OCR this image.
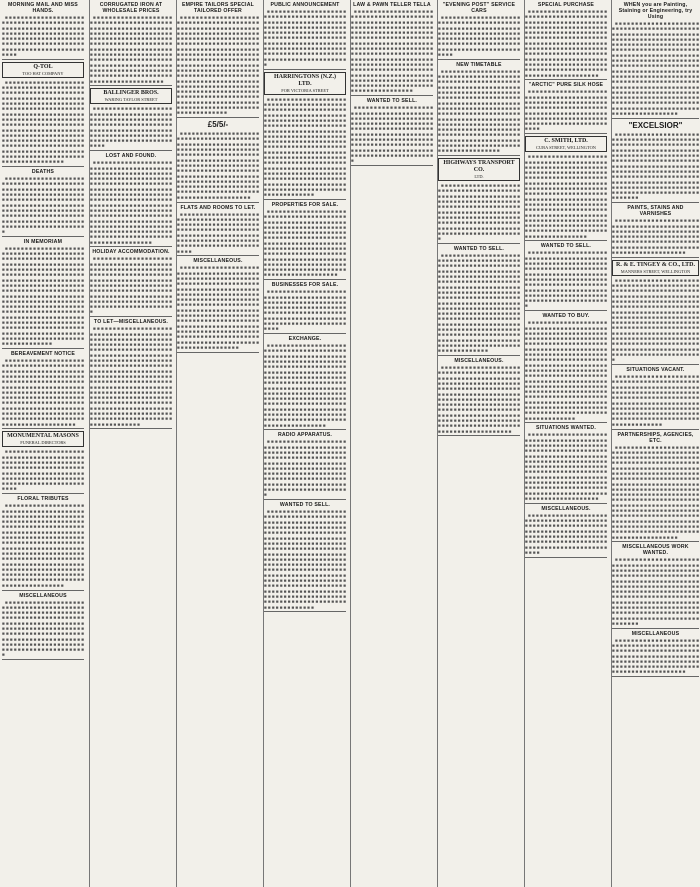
MORNING MAIL AND MISS HANDS.
■ ■ ■ ■ ■ ■ ■ ■ ■ ■ ■ ■ ■ ■ ■ ■ ■ ■ ■ ■ ■ ■ ■ ■ ■ ■ ■ ■ ■ ■ ■ ■ ■ ■ ■ ■ ■ ■ ■ ■ ■ ■ ■ ■ ■ ■ ■ ■ ■ ■ ■ ■ ■ ■ ■ ■ ■ ■ ■ ■ ■ ■ ■ ■ ■ ■ ■ ■ ■ ■ ■ ■ ■ ■ ■ ■ ■ ■ ■ ■ ■ ■ ■ ■ ■ ■ ■ ■ ■ ■ ■ ■ ■ ■ ■ ■ ■ ■ ■ ■ ■ ■ ■ ■ ■ ■ ■ ■ ■ ■ ■ ■ ■ ■ ■ ■ ■ ■ ■ ■ ■ ■ ■ ■ ■ ■ ■ ■ ■ ■ ■ ■ ■ ■ ■ ■ ■ ■ ■ ■ ■ ■ ■ ■ ■ ■ ■ ■ ■ ■
Q-TOL
TOO HAT COMPANY
■ ■ ■ ■ ■ ■ ■ ■ ■ ■ ■ ■ ■ ■ ■ ■ ■ ■ ■ ■ ■ ■ ■ ■ ■ ■ ■ ■ ■ ■ ■ ■ ■ ■ ■ ■ ■ ■ ■ ■ ■ ■ ■ ■ ■ ■ ■ ■ ■ ■ ■ ■ ■ ■ ■ ■ ■ ■ ■ ■ ■ ■ ■ ■ ■ ■ ■ ■ ■ ■ ■ ■ ■ ■ ■ ■ ■ ■ ■ ■ ■ ■ ■ ■ ■ ■ ■ ■ ■ ■ ■ ■ ■ ■ ■ ■ ■ ■ ■ ■ ■ ■ ■ ■ ■ ■ ■ ■ ■ ■ ■ ■ ■ ■ ■ ■ ■ ■ ■ ■ ■ ■ ■ ■ ■ ■ ■ ■ ■ ■ ■ ■ ■ ■ ■ ■ ■ ■ ■ ■ ■ ■ ■ ■ ■ ■ ■ ■ ■ ■ ■ ■ ■ ■ ■ ■ ■ ■ ■ ■ ■ ■ ■ ■ ■ ■ ■ ■ ■ ■ ■ ■ ■ ■ ■ ■ ■ ■ ■ ■ ■ ■ ■ ■ ■ ■ ■ ■ ■ ■ ■ ■ ■ ■ ■ ■ ■ ■ ■ ■ ■ ■ ■ ■ ■ ■ ■ ■ ■ ■ ■ ■ ■ ■ ■ ■ ■ ■ ■ ■ ■ ■ ■ ■ ■ ■ ■ ■ ■ ■ ■ ■ ■ ■ ■ ■ ■ ■ ■ ■ ■ ■ ■ ■ ■ ■ ■ ■ ■ ■ ■ ■ ■ ■ ■ ■ ■ ■ ■ ■ ■ ■ ■ ■ ■ ■ ■ ■ ■ ■ ■ ■ ■ ■ ■ ■ ■ ■ ■ ■ ■ ■ ■ ■ ■ ■ ■ ■ ■ ■ ■ ■ ■ ■ ■ ■ ■ ■ ■ ■ ■ ■ ■ ■ ■ ■ ■ ■ ■ ■ ■ ■ ■ ■ ■ ■ ■ ■ ■ ■ ■ ■ ■ ■ ■ ■ ■ ■ ■ ■
DEATHS
■ ■ ■ ■ ■ ■ ■ ■ ■ ■ ■ ■ ■ ■ ■ ■ ■ ■ ■ ■ ■ ■ ■ ■ ■ ■ ■ ■ ■ ■ ■ ■ ■ ■ ■ ■ ■ ■ ■ ■ ■ ■ ■ ■ ■ ■ ■ ■ ■ ■ ■ ■ ■ ■ ■ ■ ■ ■ ■ ■ ■ ■ ■ ■ ■ ■ ■ ■ ■ ■ ■ ■ ■ ■ ■ ■ ■ ■ ■ ■ ■ ■ ■ ■ ■ ■ ■ ■ ■ ■ ■ ■ ■ ■ ■ ■ ■ ■ ■ ■ ■ ■ ■ ■ ■ ■ ■ ■ ■ ■ ■ ■ ■ ■ ■ ■ ■ ■ ■ ■ ■ ■ ■ ■ ■ ■ ■ ■ ■ ■ ■ ■ ■ ■ ■ ■ ■ ■ ■ ■ ■ ■ ■ ■ ■ ■ ■ ■ ■ ■ ■ ■ ■ ■ ■ ■ ■ ■ ■ ■ ■ ■ ■ ■ ■ ■ ■ ■ ■ ■ ■ ■ ■ ■ ■ ■ ■ ■ ■ ■ ■ ■ ■ ■ ■ ■ ■ ■ ■ ■ ■ ■ ■ ■ ■ ■ ■ ■ ■ ■ ■ ■ ■ ■ ■ ■ ■ ■ ■ ■
IN MEMORIAM
■ ■ ■ ■ ■ ■ ■ ■ ■ ■ ■ ■ ■ ■ ■ ■ ■ ■ ■ ■ ■ ■ ■ ■ ■ ■ ■ ■ ■ ■ ■ ■ ■ ■ ■ ■ ■ ■ ■ ■ ■ ■ ■ ■ ■ ■ ■ ■ ■ ■ ■ ■ ■ ■ ■ ■ ■ ■ ■ ■ ■ ■ ■ ■ ■ ■ ■ ■ ■ ■ ■ ■ ■ ■ ■ ■ ■ ■ ■ ■ ■ ■ ■ ■ ■ ■ ■ ■ ■ ■ ■ ■ ■ ■ ■ ■ ■ ■ ■ ■ ■ ■ ■ ■ ■ ■ ■ ■ ■ ■ ■ ■ ■ ■ ■ ■ ■ ■ ■ ■ ■ ■ ■ ■ ■ ■ ■ ■ ■ ■ ■ ■ ■ ■ ■ ■ ■ ■ ■ ■ ■ ■ ■ ■ ■ ■ ■ ■ ■ ■ ■ ■ ■ ■ ■ ■ ■ ■ ■ ■ ■ ■ ■ ■ ■ ■ ■ ■ ■ ■ ■ ■ ■ ■ ■ ■ ■ ■ ■ ■ ■ ■ ■ ■ ■ ■ ■ ■ ■ ■ ■ ■ ■ ■ ■ ■ ■ ■ ■ ■ ■ ■ ■ ■ ■ ■ ■ ■ ■ ■ ■ ■ ■ ■ ■ ■ ■ ■ ■ ■ ■ ■ ■ ■ ■ ■ ■ ■ ■ ■ ■ ■ ■ ■ ■ ■ ■ ■ ■ ■ ■ ■ ■ ■ ■ ■ ■ ■ ■ ■ ■ ■ ■ ■ ■ ■ ■ ■ ■ ■ ■ ■ ■ ■ ■ ■ ■ ■ ■ ■ ■ ■ ■ ■ ■ ■ ■ ■ ■ ■ ■ ■ ■ ■ ■ ■ ■ ■ ■ ■ ■ ■ ■ ■ ■ ■ ■ ■ ■ ■ ■ ■ ■ ■ ■ ■ ■ ■ ■ ■ ■ ■ ■ ■ ■ ■ ■ ■ ■ ■ ■ ■ ■ ■ ■ ■ ■ ■ ■ ■ ■ ■ ■ ■ ■ ■ ■ ■ ■ ■ ■ ■ ■ ■ ■ ■ ■ ■ ■ ■ ■ ■ ■ ■ ■ ■ ■ ■ ■ ■ ■ ■ ■ ■ ■ ■ ■ ■ ■ ■ ■ ■ ■ ■ ■ ■ ■ ■ ■ ■ ■ ■ ■ ■ ■ ■ ■ ■ ■ ■
BEREAVEMENT NOTICE
■ ■ ■ ■ ■ ■ ■ ■ ■ ■ ■ ■ ■ ■ ■ ■ ■ ■ ■ ■ ■ ■ ■ ■ ■ ■ ■ ■ ■ ■ ■ ■ ■ ■ ■ ■ ■ ■ ■ ■ ■ ■ ■ ■ ■ ■ ■ ■ ■ ■ ■ ■ ■ ■ ■ ■ ■ ■ ■ ■ ■ ■ ■ ■ ■ ■ ■ ■ ■ ■ ■ ■ ■ ■ ■ ■ ■ ■ ■ ■ ■ ■ ■ ■ ■ ■ ■ ■ ■ ■ ■ ■ ■ ■ ■ ■ ■ ■ ■ ■ ■ ■ ■ ■ ■ ■ ■ ■ ■ ■ ■ ■ ■ ■ ■ ■ ■ ■ ■ ■ ■ ■ ■ ■ ■ ■ ■ ■ ■ ■ ■ ■ ■ ■ ■ ■ ■ ■ ■ ■ ■ ■ ■ ■ ■ ■ ■ ■ ■ ■ ■ ■ ■ ■ ■ ■ ■ ■ ■ ■ ■ ■ ■ ■ ■ ■ ■ ■ ■ ■ ■ ■ ■ ■ ■ ■ ■ ■ ■ ■ ■ ■ ■ ■ ■ ■ ■ ■ ■ ■ ■ ■ ■ ■ ■ ■ ■ ■ ■ ■ ■ ■ ■ ■ ■ ■ ■ ■ ■ ■ ■ ■ ■ ■ ■ ■ ■ ■ ■ ■ ■ ■ ■ ■ ■ ■ ■ ■ ■ ■ ■ ■ ■ ■ ■ ■ ■ ■ ■ ■ ■ ■ ■ ■ ■ ■ ■ ■ ■ ■ ■ ■ ■ ■ ■ ■ ■ ■ ■ ■ ■ ■ ■ ■ ■ ■ ■ ■ ■ ■
MONUMENTAL MASONS
FUNERAL DIRECTORS
■ ■ ■ ■ ■ ■ ■ ■ ■ ■ ■ ■ ■ ■ ■ ■ ■ ■ ■ ■ ■ ■ ■ ■ ■ ■ ■ ■ ■ ■ ■ ■ ■ ■ ■ ■ ■ ■ ■ ■ ■ ■ ■ ■ ■ ■ ■ ■ ■ ■ ■ ■ ■ ■ ■ ■ ■ ■ ■ ■ ■ ■ ■ ■ ■ ■ ■ ■ ■ ■ ■ ■ ■ ■ ■ ■ ■ ■ ■ ■ ■ ■ ■ ■ ■ ■ ■ ■ ■ ■ ■ ■ ■ ■ ■ ■ ■ ■ ■ ■ ■ ■ ■ ■ ■ ■ ■ ■ ■ ■ ■ ■ ■ ■ ■ ■ ■ ■ ■ ■ ■ ■ ■ ■ ■ ■ ■ ■ ■ ■ ■ ■ ■ ■ ■ ■ ■ ■ ■ ■ ■ ■ ■ ■ ■ ■ ■ ■ ■ ■
FLORAL TRIBUTES
■ ■ ■ ■ ■ ■ ■ ■ ■ ■ ■ ■ ■ ■ ■ ■ ■ ■ ■ ■ ■ ■ ■ ■ ■ ■ ■ ■ ■ ■ ■ ■ ■ ■ ■ ■ ■ ■ ■ ■ ■ ■ ■ ■ ■ ■ ■ ■ ■ ■ ■ ■ ■ ■ ■ ■ ■ ■ ■ ■ ■ ■ ■ ■ ■ ■ ■ ■ ■ ■ ■ ■ ■ ■ ■ ■ ■ ■ ■ ■ ■ ■ ■ ■ ■ ■ ■ ■ ■ ■ ■ ■ ■ ■ ■ ■ ■ ■ ■ ■ ■ ■ ■ ■ ■ ■ ■ ■ ■ ■ ■ ■ ■ ■ ■ ■ ■ ■ ■ ■ ■ ■ ■ ■ ■ ■ ■ ■ ■ ■ ■ ■ ■ ■ ■ ■ ■ ■ ■ ■ ■ ■ ■ ■ ■ ■ ■ ■ ■ ■ ■ ■ ■ ■ ■ ■ ■ ■ ■ ■ ■ ■ ■ ■ ■ ■ ■ ■ ■ ■ ■ ■ ■ ■ ■ ■ ■ ■ ■ ■ ■ ■ ■ ■ ■ ■ ■ ■ ■ ■ ■ ■ ■ ■ ■ ■ ■ ■ ■ ■ ■ ■ ■ ■ ■ ■ ■ ■ ■ ■ ■ ■ ■ ■ ■ ■ ■ ■ ■ ■ ■ ■ ■ ■ ■ ■ ■ ■ ■ ■ ■ ■ ■ ■ ■ ■ ■ ■ ■ ■ ■ ■ ■ ■ ■ ■ ■ ■ ■ ■ ■ ■ ■ ■ ■ ■ ■ ■ ■ ■ ■ ■ ■ ■ ■ ■ ■ ■ ■ ■ ■ ■ ■ ■ ■ ■ ■ ■ ■ ■ ■ ■ ■ ■ ■ ■ ■ ■ ■ ■ ■ ■ ■ ■ ■ ■ ■ ■ ■ ■ ■ ■ ■ ■ ■ ■ ■ ■ ■ ■ ■ ■ ■ ■ ■ ■ ■ ■ ■ ■ ■ ■ ■ ■ ■ ■ ■ ■ ■ ■
MISCELLANEOUS
■ ■ ■ ■ ■ ■ ■ ■ ■ ■ ■ ■ ■ ■ ■ ■ ■ ■ ■ ■ ■ ■ ■ ■ ■ ■ ■ ■ ■ ■ ■ ■ ■ ■ ■ ■ ■ ■ ■ ■ ■ ■ ■ ■ ■ ■ ■ ■ ■ ■ ■ ■ ■ ■ ■ ■ ■ ■ ■ ■ ■ ■ ■ ■ ■ ■ ■ ■ ■ ■ ■ ■ ■ ■ ■ ■ ■ ■ ■ ■ ■ ■ ■ ■ ■ ■ ■ ■ ■ ■ ■ ■ ■ ■ ■ ■ ■ ■ ■ ■ ■ ■ ■ ■ ■ ■ ■ ■ ■ ■ ■ ■ ■ ■ ■ ■ ■ ■ ■ ■ ■ ■ ■ ■ ■ ■ ■ ■ ■ ■ ■ ■ ■ ■ ■ ■ ■ ■ ■ ■ ■ ■ ■ ■ ■ ■ ■ ■ ■ ■ ■ ■ ■ ■ ■ ■ ■ ■ ■ ■ ■ ■ ■ ■ ■ ■ ■ ■ ■ ■ ■ ■ ■ ■ ■ ■ ■ ■ ■ ■ ■ ■ ■ ■ ■ ■ ■ ■ ■ ■ ■ ■ ■ ■ ■ ■ ■ ■ ■ ■ ■ ■ ■ ■ ■ ■ ■ ■ ■ ■
CORRUGATED IRON AT WHOLESALE PRICES
■ ■ ■ ■ ■ ■ ■ ■ ■ ■ ■ ■ ■ ■ ■ ■ ■ ■ ■ ■ ■ ■ ■ ■ ■ ■ ■ ■ ■ ■ ■ ■ ■ ■ ■ ■ ■ ■ ■ ■ ■ ■ ■ ■ ■ ■ ■ ■ ■ ■ ■ ■ ■ ■ ■ ■ ■ ■ ■ ■ ■ ■ ■ ■ ■ ■ ■ ■ ■ ■ ■ ■ ■ ■ ■ ■ ■ ■ ■ ■ ■ ■ ■ ■ ■ ■ ■ ■ ■ ■ ■ ■ ■ ■ ■ ■ ■ ■ ■ ■ ■ ■ ■ ■ ■ ■ ■ ■ ■ ■ ■ ■ ■ ■ ■ ■ ■ ■ ■ ■ ■ ■ ■ ■ ■ ■ ■ ■ ■ ■ ■ ■ ■ ■ ■ ■ ■ ■ ■ ■ ■ ■ ■ ■ ■ ■ ■ ■ ■ ■ ■ ■ ■ ■ ■ ■ ■ ■ ■ ■ ■ ■ ■ ■ ■ ■ ■ ■ ■ ■ ■ ■ ■ ■ ■ ■ ■ ■ ■ ■ ■ ■ ■ ■ ■ ■ ■ ■ ■ ■ ■ ■ ■ ■ ■ ■ ■ ■ ■ ■ ■ ■ ■ ■ ■ ■ ■ ■ ■ ■ ■ ■ ■ ■ ■ ■ ■ ■ ■ ■ ■ ■ ■ ■ ■ ■ ■ ■ ■ ■ ■ ■ ■ ■ ■ ■ ■ ■ ■ ■ ■ ■ ■ ■ ■ ■ ■ ■ ■ ■ ■ ■ ■ ■ ■ ■ ■ ■ ■ ■ ■ ■ ■ ■ ■ ■ ■ ■ ■ ■
BALLINGER BROS.
WARING TAYLOR STREET
■ ■ ■ ■ ■ ■ ■ ■ ■ ■ ■ ■ ■ ■ ■ ■ ■ ■ ■ ■ ■ ■ ■ ■ ■ ■ ■ ■ ■ ■ ■ ■ ■ ■ ■ ■ ■ ■ ■ ■ ■ ■ ■ ■ ■ ■ ■ ■ ■ ■ ■ ■ ■ ■ ■ ■ ■ ■ ■ ■ ■ ■ ■ ■ ■ ■ ■ ■ ■ ■ ■ ■ ■ ■ ■ ■ ■ ■ ■ ■ ■ ■ ■ ■ ■ ■ ■ ■ ■ ■ ■ ■ ■ ■ ■ ■ ■ ■ ■ ■ ■ ■ ■ ■ ■ ■ ■ ■ ■ ■ ■ ■ ■ ■ ■ ■ ■ ■ ■ ■ ■ ■ ■ ■ ■ ■ ■ ■ ■ ■ ■ ■ ■ ■ ■ ■ ■ ■ ■ ■ ■ ■ ■ ■ ■ ■ ■ ■ ■ ■
LOST AND FOUND.
■ ■ ■ ■ ■ ■ ■ ■ ■ ■ ■ ■ ■ ■ ■ ■ ■ ■ ■ ■ ■ ■ ■ ■ ■ ■ ■ ■ ■ ■ ■ ■ ■ ■ ■ ■ ■ ■ ■ ■ ■ ■ ■ ■ ■ ■ ■ ■ ■ ■ ■ ■ ■ ■ ■ ■ ■ ■ ■ ■ ■ ■ ■ ■ ■ ■ ■ ■ ■ ■ ■ ■ ■ ■ ■ ■ ■ ■ ■ ■ ■ ■ ■ ■ ■ ■ ■ ■ ■ ■ ■ ■ ■ ■ ■ ■ ■ ■ ■ ■ ■ ■ ■ ■ ■ ■ ■ ■ ■ ■ ■ ■ ■ ■ ■ ■ ■ ■ ■ ■ ■ ■ ■ ■ ■ ■ ■ ■ ■ ■ ■ ■ ■ ■ ■ ■ ■ ■ ■ ■ ■ ■ ■ ■ ■ ■ ■ ■ ■ ■ ■ ■ ■ ■ ■ ■ ■ ■ ■ ■ ■ ■ ■ ■ ■ ■ ■ ■ ■ ■ ■ ■ ■ ■ ■ ■ ■ ■ ■ ■ ■ ■ ■ ■ ■ ■ ■ ■ ■ ■ ■ ■ ■ ■ ■ ■ ■ ■ ■ ■ ■ ■ ■ ■ ■ ■ ■ ■ ■ ■ ■ ■ ■ ■ ■ ■ ■ ■ ■ ■ ■ ■ ■ ■ ■ ■ ■ ■ ■ ■ ■ ■ ■ ■ ■ ■ ■ ■ ■ ■ ■ ■ ■ ■ ■ ■ ■ ■ ■ ■ ■ ■ ■ ■ ■ ■ ■ ■ ■ ■ ■ ■ ■ ■ ■ ■ ■ ■ ■ ■ ■ ■ ■ ■ ■ ■ ■ ■ ■ ■ ■ ■ ■ ■ ■ ■ ■ ■ ■ ■ ■ ■ ■ ■ ■ ■ ■ ■ ■ ■ ■ ■ ■ ■ ■ ■ ■ ■ ■ ■ ■ ■ ■ ■ ■ ■ ■ ■ ■ ■ ■ ■ ■ ■ ■ ■ ■ ■ ■ ■
HOLIDAY ACCOMMODATION.
■ ■ ■ ■ ■ ■ ■ ■ ■ ■ ■ ■ ■ ■ ■ ■ ■ ■ ■ ■ ■ ■ ■ ■ ■ ■ ■ ■ ■ ■ ■ ■ ■ ■ ■ ■ ■ ■ ■ ■ ■ ■ ■ ■ ■ ■ ■ ■ ■ ■ ■ ■ ■ ■ ■ ■ ■ ■ ■ ■ ■ ■ ■ ■ ■ ■ ■ ■ ■ ■ ■ ■ ■ ■ ■ ■ ■ ■ ■ ■ ■ ■ ■ ■ ■ ■ ■ ■ ■ ■ ■ ■ ■ ■ ■ ■ ■ ■ ■ ■ ■ ■ ■ ■ ■ ■ ■ ■ ■ ■ ■ ■ ■ ■ ■ ■ ■ ■ ■ ■ ■ ■ ■ ■ ■ ■ ■ ■ ■ ■ ■ ■ ■ ■ ■ ■ ■ ■ ■ ■ ■ ■ ■ ■ ■ ■ ■ ■ ■ ■ ■ ■ ■ ■ ■ ■ ■ ■ ■ ■ ■ ■ ■ ■ ■ ■ ■ ■ ■ ■ ■ ■ ■ ■ ■ ■ ■ ■ ■ ■ ■ ■ ■ ■ ■ ■ ■ ■ ■ ■ ■ ■ ■ ■ ■ ■ ■ ■ ■ ■ ■ ■ ■ ■ ■ ■ ■ ■ ■ ■
TO LET—MISCELLANEOUS.
■ ■ ■ ■ ■ ■ ■ ■ ■ ■ ■ ■ ■ ■ ■ ■ ■ ■ ■ ■ ■ ■ ■ ■ ■ ■ ■ ■ ■ ■ ■ ■ ■ ■ ■ ■ ■ ■ ■ ■ ■ ■ ■ ■ ■ ■ ■ ■ ■ ■ ■ ■ ■ ■ ■ ■ ■ ■ ■ ■ ■ ■ ■ ■ ■ ■ ■ ■ ■ ■ ■ ■ ■ ■ ■ ■ ■ ■ ■ ■ ■ ■ ■ ■ ■ ■ ■ ■ ■ ■ ■ ■ ■ ■ ■ ■ ■ ■ ■ ■ ■ ■ ■ ■ ■ ■ ■ ■ ■ ■ ■ ■ ■ ■ ■ ■ ■ ■ ■ ■ ■ ■ ■ ■ ■ ■ ■ ■ ■ ■ ■ ■ ■ ■ ■ ■ ■ ■ ■ ■ ■ ■ ■ ■ ■ ■ ■ ■ ■ ■ ■ ■ ■ ■ ■ ■ ■ ■ ■ ■ ■ ■ ■ ■ ■ ■ ■ ■ ■ ■ ■ ■ ■ ■ ■ ■ ■ ■ ■ ■ ■ ■ ■ ■ ■ ■ ■ ■ ■ ■ ■ ■ ■ ■ ■ ■ ■ ■ ■ ■ ■ ■ ■ ■ ■ ■ ■ ■ ■ ■ ■ ■ ■ ■ ■ ■ ■ ■ ■ ■ ■ ■ ■ ■ ■ ■ ■ ■ ■ ■ ■ ■ ■ ■ ■ ■ ■ ■ ■ ■ ■ ■ ■ ■ ■ ■ ■ ■ ■ ■ ■ ■ ■ ■ ■ ■ ■ ■ ■ ■ ■ ■ ■ ■ ■ ■ ■ ■ ■ ■ ■ ■ ■ ■ ■ ■ ■ ■ ■ ■ ■ ■ ■ ■ ■ ■ ■ ■ ■ ■ ■ ■ ■ ■ ■ ■ ■ ■ ■ ■ ■ ■ ■ ■ ■ ■ ■ ■ ■ ■ ■ ■ ■ ■ ■ ■ ■ ■ ■ ■ ■ ■ ■ ■ ■ ■ ■ ■ ■ ■ ■ ■ ■ ■ ■ ■ ■ ■ ■ ■ ■ ■ ■ ■ ■ ■ ■ ■ ■ ■ ■ ■ ■ ■ ■ ■ ■ ■ ■ ■ ■ ■ ■ ■ ■ ■ ■ ■ ■ ■ ■ ■ ■ ■ ■ ■ ■ ■ ■ ■ ■ ■ ■ ■ ■ ■ ■ ■ ■ ■
EMPIRE TAILORS SPECIAL TAILORED OFFER
■ ■ ■ ■ ■ ■ ■ ■ ■ ■ ■ ■ ■ ■ ■ ■ ■ ■ ■ ■ ■ ■ ■ ■ ■ ■ ■ ■ ■ ■ ■ ■ ■ ■ ■ ■ ■ ■ ■ ■ ■ ■ ■ ■ ■ ■ ■ ■ ■ ■ ■ ■ ■ ■ ■ ■ ■ ■ ■ ■ ■ ■ ■ ■ ■ ■ ■ ■ ■ ■ ■ ■ ■ ■ ■ ■ ■ ■ ■ ■ ■ ■ ■ ■ ■ ■ ■ ■ ■ ■ ■ ■ ■ ■ ■ ■ ■ ■ ■ ■ ■ ■ ■ ■ ■ ■ ■ ■ ■ ■ ■ ■ ■ ■ ■ ■ ■ ■ ■ ■ ■ ■ ■ ■ ■ ■ ■ ■ ■ ■ ■ ■ ■ ■ ■ ■ ■ ■ ■ ■ ■ ■ ■ ■ ■ ■ ■ ■ ■ ■ ■ ■ ■ ■ ■ ■ ■ ■ ■ ■ ■ ■ ■ ■ ■ ■ ■ ■ ■ ■ ■ ■ ■ ■ ■ ■ ■ ■ ■ ■ ■ ■ ■ ■ ■ ■ ■ ■ ■ ■ ■ ■ ■ ■ ■ ■ ■ ■ ■ ■ ■ ■ ■ ■ ■ ■ ■ ■ ■ ■ ■ ■ ■ ■ ■ ■ ■ ■ ■ ■ ■ ■ ■ ■ ■ ■ ■ ■ ■ ■ ■ ■ ■ ■ ■ ■ ■ ■ ■ ■ ■ ■ ■ ■ ■ ■ ■ ■ ■ ■ ■ ■ ■ ■ ■ ■ ■ ■ ■ ■ ■ ■ ■ ■ ■ ■ ■ ■ ■ ■ ■ ■ ■ ■ ■ ■ ■ ■ ■ ■ ■ ■ ■ ■ ■ ■ ■ ■ ■ ■ ■ ■ ■ ■ ■ ■ ■ ■ ■ ■ ■ ■ ■ ■ ■ ■ ■ ■ ■ ■ ■ ■ ■ ■ ■ ■ ■ ■ ■ ■ ■ ■ ■ ■ ■ ■ ■ ■ ■ ■ ■ ■ ■ ■ ■ ■ ■ ■ ■ ■ ■ ■ ■ ■ ■ ■ ■ ■ ■ ■ ■ ■ ■ ■ ■ ■ ■ ■ ■ ■ ■ ■ ■ ■ ■ ■ ■ ■ ■ ■ ■ ■ ■ ■ ■ ■ ■ ■ ■ ■ ■ ■ ■ ■ ■ ■ ■ ■ ■ ■
£5/5/-
■ ■ ■ ■ ■ ■ ■ ■ ■ ■ ■ ■ ■ ■ ■ ■ ■ ■ ■ ■ ■ ■ ■ ■ ■ ■ ■ ■ ■ ■ ■ ■ ■ ■ ■ ■ ■ ■ ■ ■ ■ ■ ■ ■ ■ ■ ■ ■ ■ ■ ■ ■ ■ ■ ■ ■ ■ ■ ■ ■ ■ ■ ■ ■ ■ ■ ■ ■ ■ ■ ■ ■ ■ ■ ■ ■ ■ ■ ■ ■ ■ ■ ■ ■ ■ ■ ■ ■ ■ ■ ■ ■ ■ ■ ■ ■ ■ ■ ■ ■ ■ ■ ■ ■ ■ ■ ■ ■ ■ ■ ■ ■ ■ ■ ■ ■ ■ ■ ■ ■ ■ ■ ■ ■ ■ ■ ■ ■ ■ ■ ■ ■ ■ ■ ■ ■ ■ ■ ■ ■ ■ ■ ■ ■ ■ ■ ■ ■ ■ ■ ■ ■ ■ ■ ■ ■ ■ ■ ■ ■ ■ ■ ■ ■ ■ ■ ■ ■ ■ ■ ■ ■ ■ ■ ■ ■ ■ ■ ■ ■ ■ ■ ■ ■ ■ ■ ■ ■ ■ ■ ■ ■ ■ ■ ■ ■ ■ ■ ■ ■ ■ ■ ■ ■ ■ ■ ■ ■ ■ ■ ■ ■ ■ ■ ■ ■ ■ ■ ■ ■ ■ ■ ■ ■ ■ ■ ■ ■ ■ ■ ■ ■ ■ ■ ■ ■ ■ ■ ■ ■ ■ ■ ■ ■ ■ ■ ■ ■ ■ ■ ■ ■ ■ ■ ■ ■ ■ ■ ■ ■ ■ ■ ■ ■ ■ ■ ■ ■ ■ ■
FLATS AND ROOMS TO LET.
■ ■ ■ ■ ■ ■ ■ ■ ■ ■ ■ ■ ■ ■ ■ ■ ■ ■ ■ ■ ■ ■ ■ ■ ■ ■ ■ ■ ■ ■ ■ ■ ■ ■ ■ ■ ■ ■ ■ ■ ■ ■ ■ ■ ■ ■ ■ ■ ■ ■ ■ ■ ■ ■ ■ ■ ■ ■ ■ ■ ■ ■ ■ ■ ■ ■ ■ ■ ■ ■ ■ ■ ■ ■ ■ ■ ■ ■ ■ ■ ■ ■ ■ ■ ■ ■ ■ ■ ■ ■ ■ ■ ■ ■ ■ ■ ■ ■ ■ ■ ■ ■ ■ ■ ■ ■ ■ ■ ■ ■ ■ ■ ■ ■ ■ ■ ■ ■ ■ ■ ■ ■ ■ ■ ■ ■ ■ ■ ■ ■ ■ ■ ■ ■ ■ ■ ■ ■ ■ ■ ■ ■ ■ ■ ■ ■ ■ ■ ■ ■
MISCELLANEOUS.
■ ■ ■ ■ ■ ■ ■ ■ ■ ■ ■ ■ ■ ■ ■ ■ ■ ■ ■ ■ ■ ■ ■ ■ ■ ■ ■ ■ ■ ■ ■ ■ ■ ■ ■ ■ ■ ■ ■ ■ ■ ■ ■ ■ ■ ■ ■ ■ ■ ■ ■ ■ ■ ■ ■ ■ ■ ■ ■ ■ ■ ■ ■ ■ ■ ■ ■ ■ ■ ■ ■ ■ ■ ■ ■ ■ ■ ■ ■ ■ ■ ■ ■ ■ ■ ■ ■ ■ ■ ■ ■ ■ ■ ■ ■ ■ ■ ■ ■ ■ ■ ■ ■ ■ ■ ■ ■ ■ ■ ■ ■ ■ ■ ■ ■ ■ ■ ■ ■ ■ ■ ■ ■ ■ ■ ■ ■ ■ ■ ■ ■ ■ ■ ■ ■ ■ ■ ■ ■ ■ ■ ■ ■ ■ ■ ■ ■ ■ ■ ■ ■ ■ ■ ■ ■ ■ ■ ■ ■ ■ ■ ■ ■ ■ ■ ■ ■ ■ ■ ■ ■ ■ ■ ■ ■ ■ ■ ■ ■ ■ ■ ■ ■ ■ ■ ■ ■ ■ ■ ■ ■ ■ ■ ■ ■ ■ ■ ■ ■ ■ ■ ■ ■ ■ ■ ■ ■ ■ ■ ■ ■ ■ ■ ■ ■ ■ ■ ■ ■ ■ ■ ■ ■ ■ ■ ■ ■ ■ ■ ■ ■ ■ ■ ■ ■ ■ ■ ■ ■ ■ ■ ■ ■ ■ ■ ■ ■ ■ ■ ■ ■ ■ ■ ■ ■ ■ ■ ■ ■ ■ ■ ■ ■ ■ ■ ■ ■ ■ ■ ■ ■ ■ ■ ■ ■ ■ ■ ■ ■ ■ ■ ■ ■ ■ ■ ■ ■ ■ ■ ■ ■ ■ ■ ■ ■ ■ ■ ■ ■ ■ ■ ■ ■ ■ ■ ■ ■ ■ ■ ■ ■ ■ ■ ■ ■ ■ ■ ■ ■ ■ ■ ■ ■ ■ ■ ■ ■ ■ ■ ■
PUBLIC ANNOUNCEMENT
■ ■ ■ ■ ■ ■ ■ ■ ■ ■ ■ ■ ■ ■ ■ ■ ■ ■ ■ ■ ■ ■ ■ ■ ■ ■ ■ ■ ■ ■ ■ ■ ■ ■ ■ ■ ■ ■ ■ ■ ■ ■ ■ ■ ■ ■ ■ ■ ■ ■ ■ ■ ■ ■ ■ ■ ■ ■ ■ ■ ■ ■ ■ ■ ■ ■ ■ ■ ■ ■ ■ ■ ■ ■ ■ ■ ■ ■ ■ ■ ■ ■ ■ ■ ■ ■ ■ ■ ■ ■ ■ ■ ■ ■ ■ ■ ■ ■ ■ ■ ■ ■ ■ ■ ■ ■ ■ ■ ■ ■ ■ ■ ■ ■ ■ ■ ■ ■ ■ ■ ■ ■ ■ ■ ■ ■ ■ ■ ■ ■ ■ ■ ■ ■ ■ ■ ■ ■ ■ ■ ■ ■ ■ ■ ■ ■ ■ ■ ■ ■ ■ ■ ■ ■ ■ ■ ■ ■ ■ ■ ■ ■ ■ ■ ■ ■ ■ ■ ■ ■ ■ ■ ■ ■ ■ ■ ■ ■ ■ ■ ■ ■ ■ ■ ■ ■ ■ ■ ■ ■ ■ ■ ■ ■ ■ ■ ■ ■ ■ ■ ■ ■ ■ ■ ■ ■ ■ ■ ■ ■
HARRINGTONS (N.Z.) LTD.
FOR VICTORIA STREET
■ ■ ■ ■ ■ ■ ■ ■ ■ ■ ■ ■ ■ ■ ■ ■ ■ ■ ■ ■ ■ ■ ■ ■ ■ ■ ■ ■ ■ ■ ■ ■ ■ ■ ■ ■ ■ ■ ■ ■ ■ ■ ■ ■ ■ ■ ■ ■ ■ ■ ■ ■ ■ ■ ■ ■ ■ ■ ■ ■ ■ ■ ■ ■ ■ ■ ■ ■ ■ ■ ■ ■ ■ ■ ■ ■ ■ ■ ■ ■ ■ ■ ■ ■ ■ ■ ■ ■ ■ ■ ■ ■ ■ ■ ■ ■ ■ ■ ■ ■ ■ ■ ■ ■ ■ ■ ■ ■ ■ ■ ■ ■ ■ ■ ■ ■ ■ ■ ■ ■ ■ ■ ■ ■ ■ ■ ■ ■ ■ ■ ■ ■ ■ ■ ■ ■ ■ ■ ■ ■ ■ ■ ■ ■ ■ ■ ■ ■ ■ ■ ■ ■ ■ ■ ■ ■ ■ ■ ■ ■ ■ ■ ■ ■ ■ ■ ■ ■ ■ ■ ■ ■ ■ ■ ■ ■ ■ ■ ■ ■ ■ ■ ■ ■ ■ ■ ■ ■ ■ ■ ■ ■ ■ ■ ■ ■ ■ ■ ■ ■ ■ ■ ■ ■ ■ ■ ■ ■ ■ ■ ■ ■ ■ ■ ■ ■ ■ ■ ■ ■ ■ ■ ■ ■ ■ ■ ■ ■ ■ ■ ■ ■ ■ ■ ■ ■ ■ ■ ■ ■ ■ ■ ■ ■ ■ ■ ■ ■ ■ ■ ■ ■ ■ ■ ■ ■ ■ ■ ■ ■ ■ ■ ■ ■ ■ ■ ■ ■ ■ ■ ■ ■ ■ ■ ■ ■ ■ ■ ■ ■ ■ ■ ■ ■ ■ ■ ■ ■ ■ ■ ■ ■ ■ ■ ■ ■ ■ ■ ■ ■ ■ ■ ■ ■ ■ ■ ■ ■ ■ ■ ■ ■ ■ ■ ■ ■ ■ ■ ■ ■ ■ ■ ■ ■ ■ ■ ■ ■ ■ ■ ■ ■ ■ ■ ■ ■ ■ ■ ■ ■ ■ ■ ■ ■ ■ ■ ■ ■ ■ ■ ■ ■ ■ ■ ■ ■ ■ ■ ■ ■ ■ ■ ■ ■ ■ ■ ■ ■ ■ ■ ■ ■ ■ ■ ■ ■ ■ ■ ■ ■ ■ ■ ■ ■ ■ ■ ■ ■ ■ ■
PROPERTIES FOR SALE.
■ ■ ■ ■ ■ ■ ■ ■ ■ ■ ■ ■ ■ ■ ■ ■ ■ ■ ■ ■ ■ ■ ■ ■ ■ ■ ■ ■ ■ ■ ■ ■ ■ ■ ■ ■ ■ ■ ■ ■ ■ ■ ■ ■ ■ ■ ■ ■ ■ ■ ■ ■ ■ ■ ■ ■ ■ ■ ■ ■ ■ ■ ■ ■ ■ ■ ■ ■ ■ ■ ■ ■ ■ ■ ■ ■ ■ ■ ■ ■ ■ ■ ■ ■ ■ ■ ■ ■ ■ ■ ■ ■ ■ ■ ■ ■ ■ ■ ■ ■ ■ ■ ■ ■ ■ ■ ■ ■ ■ ■ ■ ■ ■ ■ ■ ■ ■ ■ ■ ■ ■ ■ ■ ■ ■ ■ ■ ■ ■ ■ ■ ■ ■ ■ ■ ■ ■ ■ ■ ■ ■ ■ ■ ■ ■ ■ ■ ■ ■ ■ ■ ■ ■ ■ ■ ■ ■ ■ ■ ■ ■ ■ ■ ■ ■ ■ ■ ■ ■ ■ ■ ■ ■ ■ ■ ■ ■ ■ ■ ■ ■ ■ ■ ■ ■ ■ ■ ■ ■ ■ ■ ■ ■ ■ ■ ■ ■ ■ ■ ■ ■ ■ ■ ■ ■ ■ ■ ■ ■ ■ ■ ■ ■ ■ ■ ■ ■ ■ ■ ■ ■ ■ ■ ■ ■ ■ ■ ■ ■ ■ ■ ■ ■ ■ ■ ■ ■ ■ ■ ■ ■ ■ ■ ■ ■ ■ ■ ■ ■ ■ ■ ■ ■ ■ ■ ■ ■ ■ ■ ■ ■ ■ ■ ■ ■ ■ ■ ■ ■ ■
BUSINESSES FOR SALE.
■ ■ ■ ■ ■ ■ ■ ■ ■ ■ ■ ■ ■ ■ ■ ■ ■ ■ ■ ■ ■ ■ ■ ■ ■ ■ ■ ■ ■ ■ ■ ■ ■ ■ ■ ■ ■ ■ ■ ■ ■ ■ ■ ■ ■ ■ ■ ■ ■ ■ ■ ■ ■ ■ ■ ■ ■ ■ ■ ■ ■ ■ ■ ■ ■ ■ ■ ■ ■ ■ ■ ■ ■ ■ ■ ■ ■ ■ ■ ■ ■ ■ ■ ■ ■ ■ ■ ■ ■ ■ ■ ■ ■ ■ ■ ■ ■ ■ ■ ■ ■ ■ ■ ■ ■ ■ ■ ■ ■ ■ ■ ■ ■ ■ ■ ■ ■ ■ ■ ■ ■ ■ ■ ■ ■ ■ ■ ■ ■ ■ ■ ■ ■ ■ ■ ■ ■ ■ ■ ■ ■ ■ ■ ■ ■ ■ ■ ■ ■ ■
EXCHANGE.
■ ■ ■ ■ ■ ■ ■ ■ ■ ■ ■ ■ ■ ■ ■ ■ ■ ■ ■ ■ ■ ■ ■ ■ ■ ■ ■ ■ ■ ■ ■ ■ ■ ■ ■ ■ ■ ■ ■ ■ ■ ■ ■ ■ ■ ■ ■ ■ ■ ■ ■ ■ ■ ■ ■ ■ ■ ■ ■ ■ ■ ■ ■ ■ ■ ■ ■ ■ ■ ■ ■ ■ ■ ■ ■ ■ ■ ■ ■ ■ ■ ■ ■ ■ ■ ■ ■ ■ ■ ■ ■ ■ ■ ■ ■ ■ ■ ■ ■ ■ ■ ■ ■ ■ ■ ■ ■ ■ ■ ■ ■ ■ ■ ■ ■ ■ ■ ■ ■ ■ ■ ■ ■ ■ ■ ■ ■ ■ ■ ■ ■ ■ ■ ■ ■ ■ ■ ■ ■ ■ ■ ■ ■ ■ ■ ■ ■ ■ ■ ■ ■ ■ ■ ■ ■ ■ ■ ■ ■ ■ ■ ■ ■ ■ ■ ■ ■ ■ ■ ■ ■ ■ ■ ■ ■ ■ ■ ■ ■ ■ ■ ■ ■ ■ ■ ■ ■ ■ ■ ■ ■ ■ ■ ■ ■ ■ ■ ■ ■ ■ ■ ■ ■ ■ ■ ■ ■ ■ ■ ■ ■ ■ ■ ■ ■ ■ ■ ■ ■ ■ ■ ■ ■ ■ ■ ■ ■ ■ ■ ■ ■ ■ ■ ■ ■ ■ ■ ■ ■ ■ ■ ■ ■ ■ ■ ■ ■ ■ ■ ■ ■ ■ ■ ■ ■ ■ ■ ■ ■ ■ ■ ■ ■ ■ ■ ■ ■ ■ ■ ■ ■ ■ ■ ■ ■ ■ ■ ■ ■ ■ ■ ■ ■ ■ ■ ■ ■ ■ ■ ■ ■ ■ ■ ■ ■ ■ ■ ■ ■ ■ ■ ■ ■ ■ ■ ■ ■ ■ ■ ■ ■ ■ ■ ■ ■ ■ ■ ■ ■ ■ ■ ■ ■ ■ ■ ■ ■ ■ ■ ■
RADIO APPARATUS.
■ ■ ■ ■ ■ ■ ■ ■ ■ ■ ■ ■ ■ ■ ■ ■ ■ ■ ■ ■ ■ ■ ■ ■ ■ ■ ■ ■ ■ ■ ■ ■ ■ ■ ■ ■ ■ ■ ■ ■ ■ ■ ■ ■ ■ ■ ■ ■ ■ ■ ■ ■ ■ ■ ■ ■ ■ ■ ■ ■ ■ ■ ■ ■ ■ ■ ■ ■ ■ ■ ■ ■ ■ ■ ■ ■ ■ ■ ■ ■ ■ ■ ■ ■ ■ ■ ■ ■ ■ ■ ■ ■ ■ ■ ■ ■ ■ ■ ■ ■ ■ ■ ■ ■ ■ ■ ■ ■ ■ ■ ■ ■ ■ ■ ■ ■ ■ ■ ■ ■ ■ ■ ■ ■ ■ ■ ■ ■ ■ ■ ■ ■ ■ ■ ■ ■ ■ ■ ■ ■ ■ ■ ■ ■ ■ ■ ■ ■ ■ ■ ■ ■ ■ ■ ■ ■ ■ ■ ■ ■ ■ ■ ■ ■ ■ ■ ■ ■ ■ ■ ■ ■ ■ ■ ■ ■ ■ ■ ■ ■ ■ ■ ■ ■ ■ ■ ■ ■ ■ ■ ■ ■ ■ ■ ■ ■ ■ ■ ■ ■ ■ ■ ■ ■ ■ ■ ■ ■ ■ ■
WANTED TO SELL.
■ ■ ■ ■ ■ ■ ■ ■ ■ ■ ■ ■ ■ ■ ■ ■ ■ ■ ■ ■ ■ ■ ■ ■ ■ ■ ■ ■ ■ ■ ■ ■ ■ ■ ■ ■ ■ ■ ■ ■ ■ ■ ■ ■ ■ ■ ■ ■ ■ ■ ■ ■ ■ ■ ■ ■ ■ ■ ■ ■ ■ ■ ■ ■ ■ ■ ■ ■ ■ ■ ■ ■ ■ ■ ■ ■ ■ ■ ■ ■ ■ ■ ■ ■ ■ ■ ■ ■ ■ ■ ■ ■ ■ ■ ■ ■ ■ ■ ■ ■ ■ ■ ■ ■ ■ ■ ■ ■ ■ ■ ■ ■ ■ ■ ■ ■ ■ ■ ■ ■ ■ ■ ■ ■ ■ ■ ■ ■ ■ ■ ■ ■ ■ ■ ■ ■ ■ ■ ■ ■ ■ ■ ■ ■ ■ ■ ■ ■ ■ ■ ■ ■ ■ ■ ■ ■ ■ ■ ■ ■ ■ ■ ■ ■ ■ ■ ■ ■ ■ ■ ■ ■ ■ ■ ■ ■ ■ ■ ■ ■ ■ ■ ■ ■ ■ ■ ■ ■ ■ ■ ■ ■ ■ ■ ■ ■ ■ ■ ■ ■ ■ ■ ■ ■ ■ ■ ■ ■ ■ ■ ■ ■ ■ ■ ■ ■ ■ ■ ■ ■ ■ ■ ■ ■ ■ ■ ■ ■ ■ ■ ■ ■ ■ ■ ■ ■ ■ ■ ■ ■ ■ ■ ■ ■ ■ ■ ■ ■ ■ ■ ■ ■ ■ ■ ■ ■ ■ ■ ■ ■ ■ ■ ■ ■ ■ ■ ■ ■ ■ ■ ■ ■ ■ ■ ■ ■ ■ ■ ■ ■ ■ ■ ■ ■ ■ ■ ■ ■ ■ ■ ■ ■ ■ ■ ■ ■ ■ ■ ■ ■ ■ ■ ■ ■ ■ ■ ■ ■ ■ ■ ■ ■ ■ ■ ■ ■ ■ ■ ■ ■ ■ ■ ■ ■ ■ ■ ■ ■ ■ ■ ■ ■ ■ ■ ■ ■ ■ ■ ■ ■ ■ ■ ■ ■ ■ ■ ■ ■ ■ ■ ■ ■ ■ ■ ■ ■ ■ ■ ■ ■ ■ ■ ■ ■ ■ ■ ■ ■ ■ ■ ■ ■ ■ ■ ■ ■ ■ ■ ■ ■ ■ ■ ■ ■ ■ ■ ■ ■ ■ ■
LAW & PAWN TELLER TELLA
■ ■ ■ ■ ■ ■ ■ ■ ■ ■ ■ ■ ■ ■ ■ ■ ■ ■ ■ ■ ■ ■ ■ ■ ■ ■ ■ ■ ■ ■ ■ ■ ■ ■ ■ ■ ■ ■ ■ ■ ■ ■ ■ ■ ■ ■ ■ ■ ■ ■ ■ ■ ■ ■ ■ ■ ■ ■ ■ ■ ■ ■ ■ ■ ■ ■ ■ ■ ■ ■ ■ ■ ■ ■ ■ ■ ■ ■ ■ ■ ■ ■ ■ ■ ■ ■ ■ ■ ■ ■ ■ ■ ■ ■ ■ ■ ■ ■ ■ ■ ■ ■ ■ ■ ■ ■ ■ ■ ■ ■ ■ ■ ■ ■ ■ ■ ■ ■ ■ ■ ■ ■ ■ ■ ■ ■ ■ ■ ■ ■ ■ ■ ■ ■ ■ ■ ■ ■ ■ ■ ■ ■ ■ ■ ■ ■ ■ ■ ■ ■ ■ ■ ■ ■ ■ ■ ■ ■ ■ ■ ■ ■ ■ ■ ■ ■ ■ ■ ■ ■ ■ ■ ■ ■ ■ ■ ■ ■ ■ ■ ■ ■ ■ ■ ■ ■ ■ ■ ■ ■ ■ ■ ■ ■ ■ ■ ■ ■ ■ ■ ■ ■ ■ ■ ■ ■ ■ ■ ■ ■ ■ ■ ■ ■ ■ ■ ■ ■ ■ ■ ■ ■ ■ ■ ■ ■ ■ ■ ■ ■ ■ ■ ■ ■ ■ ■ ■ ■ ■ ■ ■ ■ ■ ■ ■ ■ ■ ■ ■ ■ ■ ■ ■ ■ ■ ■ ■ ■ ■ ■ ■ ■ ■ ■ ■ ■ ■ ■ ■ ■ ■ ■ ■ ■ ■ ■ ■ ■ ■ ■ ■ ■ ■ ■ ■ ■ ■ ■ ■ ■ ■ ■ ■ ■ ■ ■ ■ ■ ■ ■ ■ ■ ■ ■ ■ ■ ■ ■ ■ ■ ■ ■ ■ ■ ■ ■ ■ ■ ■ ■ ■ ■ ■ ■ ■ ■ ■ ■ ■ ■
WANTED TO SELL.
■ ■ ■ ■ ■ ■ ■ ■ ■ ■ ■ ■ ■ ■ ■ ■ ■ ■ ■ ■ ■ ■ ■ ■ ■ ■ ■ ■ ■ ■ ■ ■ ■ ■ ■ ■ ■ ■ ■ ■ ■ ■ ■ ■ ■ ■ ■ ■ ■ ■ ■ ■ ■ ■ ■ ■ ■ ■ ■ ■ ■ ■ ■ ■ ■ ■ ■ ■ ■ ■ ■ ■ ■ ■ ■ ■ ■ ■ ■ ■ ■ ■ ■ ■ ■ ■ ■ ■ ■ ■ ■ ■ ■ ■ ■ ■ ■ ■ ■ ■ ■ ■ ■ ■ ■ ■ ■ ■ ■ ■ ■ ■ ■ ■ ■ ■ ■ ■ ■ ■ ■ ■ ■ ■ ■ ■ ■ ■ ■ ■ ■ ■ ■ ■ ■ ■ ■ ■ ■ ■ ■ ■ ■ ■ ■ ■ ■ ■ ■ ■ ■ ■ ■ ■ ■ ■ ■ ■ ■ ■ ■ ■ ■ ■ ■ ■ ■ ■ ■ ■ ■ ■ ■ ■ ■ ■ ■ ■ ■ ■ ■ ■ ■ ■ ■ ■ ■ ■ ■ ■ ■ ■ ■ ■ ■ ■ ■ ■ ■ ■ ■ ■ ■ ■ ■ ■ ■ ■ ■ ■
"EVENING POST" SERVICE CARS
■ ■ ■ ■ ■ ■ ■ ■ ■ ■ ■ ■ ■ ■ ■ ■ ■ ■ ■ ■ ■ ■ ■ ■ ■ ■ ■ ■ ■ ■ ■ ■ ■ ■ ■ ■ ■ ■ ■ ■ ■ ■ ■ ■ ■ ■ ■ ■ ■ ■ ■ ■ ■ ■ ■ ■ ■ ■ ■ ■ ■ ■ ■ ■ ■ ■ ■ ■ ■ ■ ■ ■ ■ ■ ■ ■ ■ ■ ■ ■ ■ ■ ■ ■ ■ ■ ■ ■ ■ ■ ■ ■ ■ ■ ■ ■ ■ ■ ■ ■ ■ ■ ■ ■ ■ ■ ■ ■ ■ ■ ■ ■ ■ ■ ■ ■ ■ ■ ■ ■ ■ ■ ■ ■ ■ ■ ■ ■ ■ ■ ■ ■ ■ ■ ■ ■ ■ ■ ■ ■ ■ ■ ■ ■ ■ ■ ■ ■ ■ ■
NEW TIMETABLE
■ ■ ■ ■ ■ ■ ■ ■ ■ ■ ■ ■ ■ ■ ■ ■ ■ ■ ■ ■ ■ ■ ■ ■ ■ ■ ■ ■ ■ ■ ■ ■ ■ ■ ■ ■ ■ ■ ■ ■ ■ ■ ■ ■ ■ ■ ■ ■ ■ ■ ■ ■ ■ ■ ■ ■ ■ ■ ■ ■ ■ ■ ■ ■ ■ ■ ■ ■ ■ ■ ■ ■ ■ ■ ■ ■ ■ ■ ■ ■ ■ ■ ■ ■ ■ ■ ■ ■ ■ ■ ■ ■ ■ ■ ■ ■ ■ ■ ■ ■ ■ ■ ■ ■ ■ ■ ■ ■ ■ ■ ■ ■ ■ ■ ■ ■ ■ ■ ■ ■ ■ ■ ■ ■ ■ ■ ■ ■ ■ ■ ■ ■ ■ ■ ■ ■ ■ ■ ■ ■ ■ ■ ■ ■ ■ ■ ■ ■ ■ ■ ■ ■ ■ ■ ■ ■ ■ ■ ■ ■ ■ ■ ■ ■ ■ ■ ■ ■ ■ ■ ■ ■ ■ ■ ■ ■ ■ ■ ■ ■ ■ ■ ■ ■ ■ ■ ■ ■ ■ ■ ■ ■ ■ ■ ■ ■ ■ ■ ■ ■ ■ ■ ■ ■ ■ ■ ■ ■ ■ ■ ■ ■ ■ ■ ■ ■ ■ ■ ■ ■ ■ ■ ■ ■ ■ ■ ■ ■ ■ ■ ■ ■ ■ ■ ■ ■ ■ ■ ■ ■ ■ ■ ■ ■ ■ ■ ■ ■ ■ ■ ■ ■ ■ ■ ■ ■ ■ ■ ■ ■ ■ ■ ■ ■ ■ ■ ■ ■ ■ ■ ■ ■ ■ ■ ■ ■ ■ ■ ■ ■ ■ ■ ■ ■ ■ ■ ■ ■ ■ ■ ■ ■ ■ ■ ■ ■ ■ ■ ■ ■ ■ ■ ■ ■ ■ ■ ■ ■ ■ ■ ■ ■ ■ ■ ■ ■ ■ ■ ■ ■ ■ ■ ■ ■ ■ ■ ■ ■ ■ ■
HIGHWAYS TRANSPORT CO.
LTD.
■ ■ ■ ■ ■ ■ ■ ■ ■ ■ ■ ■ ■ ■ ■ ■ ■ ■ ■ ■ ■ ■ ■ ■ ■ ■ ■ ■ ■ ■ ■ ■ ■ ■ ■ ■ ■ ■ ■ ■ ■ ■ ■ ■ ■ ■ ■ ■ ■ ■ ■ ■ ■ ■ ■ ■ ■ ■ ■ ■ ■ ■ ■ ■ ■ ■ ■ ■ ■ ■ ■ ■ ■ ■ ■ ■ ■ ■ ■ ■ ■ ■ ■ ■ ■ ■ ■ ■ ■ ■ ■ ■ ■ ■ ■ ■ ■ ■ ■ ■ ■ ■ ■ ■ ■ ■ ■ ■ ■ ■ ■ ■ ■ ■ ■ ■ ■ ■ ■ ■ ■ ■ ■ ■ ■ ■ ■ ■ ■ ■ ■ ■ ■ ■ ■ ■ ■ ■ ■ ■ ■ ■ ■ ■ ■ ■ ■ ■ ■ ■ ■ ■ ■ ■ ■ ■ ■ ■ ■ ■ ■ ■ ■ ■ ■ ■ ■ ■ ■ ■ ■ ■ ■ ■ ■ ■ ■ ■ ■ ■ ■ ■ ■ ■ ■ ■ ■ ■ ■ ■ ■ ■ ■ ■ ■ ■ ■ ■ ■ ■ ■ ■ ■ ■ ■ ■ ■ ■ ■ ■
WANTED TO SELL.
■ ■ ■ ■ ■ ■ ■ ■ ■ ■ ■ ■ ■ ■ ■ ■ ■ ■ ■ ■ ■ ■ ■ ■ ■ ■ ■ ■ ■ ■ ■ ■ ■ ■ ■ ■ ■ ■ ■ ■ ■ ■ ■ ■ ■ ■ ■ ■ ■ ■ ■ ■ ■ ■ ■ ■ ■ ■ ■ ■ ■ ■ ■ ■ ■ ■ ■ ■ ■ ■ ■ ■ ■ ■ ■ ■ ■ ■ ■ ■ ■ ■ ■ ■ ■ ■ ■ ■ ■ ■ ■ ■ ■ ■ ■ ■ ■ ■ ■ ■ ■ ■ ■ ■ ■ ■ ■ ■ ■ ■ ■ ■ ■ ■ ■ ■ ■ ■ ■ ■ ■ ■ ■ ■ ■ ■ ■ ■ ■ ■ ■ ■ ■ ■ ■ ■ ■ ■ ■ ■ ■ ■ ■ ■ ■ ■ ■ ■ ■ ■ ■ ■ ■ ■ ■ ■ ■ ■ ■ ■ ■ ■ ■ ■ ■ ■ ■ ■ ■ ■ ■ ■ ■ ■ ■ ■ ■ ■ ■ ■ ■ ■ ■ ■ ■ ■ ■ ■ ■ ■ ■ ■ ■ ■ ■ ■ ■ ■ ■ ■ ■ ■ ■ ■ ■ ■ ■ ■ ■ ■ ■ ■ ■ ■ ■ ■ ■ ■ ■ ■ ■ ■ ■ ■ ■ ■ ■ ■ ■ ■ ■ ■ ■ ■ ■ ■ ■ ■ ■ ■ ■ ■ ■ ■ ■ ■ ■ ■ ■ ■ ■ ■ ■ ■ ■ ■ ■ ■ ■ ■ ■ ■ ■ ■ ■ ■ ■ ■ ■ ■ ■ ■ ■ ■ ■ ■ ■ ■ ■ ■ ■ ■ ■ ■ ■ ■ ■ ■ ■ ■ ■ ■ ■ ■ ■ ■ ■ ■ ■ ■ ■ ■ ■ ■ ■ ■ ■ ■ ■ ■ ■ ■ ■ ■ ■ ■ ■ ■ ■ ■ ■ ■ ■ ■ ■ ■ ■ ■ ■ ■ ■ ■ ■ ■ ■ ■ ■ ■ ■ ■ ■ ■ ■ ■ ■ ■ ■ ■ ■ ■ ■ ■ ■ ■ ■ ■ ■ ■ ■ ■ ■ ■ ■ ■ ■ ■ ■ ■ ■ ■ ■ ■ ■ ■ ■ ■ ■ ■ ■ ■ ■ ■ ■ ■ ■ ■ ■ ■ ■ ■
MISCELLANEOUS.
■ ■ ■ ■ ■ ■ ■ ■ ■ ■ ■ ■ ■ ■ ■ ■ ■ ■ ■ ■ ■ ■ ■ ■ ■ ■ ■ ■ ■ ■ ■ ■ ■ ■ ■ ■ ■ ■ ■ ■ ■ ■ ■ ■ ■ ■ ■ ■ ■ ■ ■ ■ ■ ■ ■ ■ ■ ■ ■ ■ ■ ■ ■ ■ ■ ■ ■ ■ ■ ■ ■ ■ ■ ■ ■ ■ ■ ■ ■ ■ ■ ■ ■ ■ ■ ■ ■ ■ ■ ■ ■ ■ ■ ■ ■ ■ ■ ■ ■ ■ ■ ■ ■ ■ ■ ■ ■ ■ ■ ■ ■ ■ ■ ■ ■ ■ ■ ■ ■ ■ ■ ■ ■ ■ ■ ■ ■ ■ ■ ■ ■ ■ ■ ■ ■ ■ ■ ■ ■ ■ ■ ■ ■ ■ ■ ■ ■ ■ ■ ■ ■ ■ ■ ■ ■ ■ ■ ■ ■ ■ ■ ■ ■ ■ ■ ■ ■ ■ ■ ■ ■ ■ ■ ■ ■ ■ ■ ■ ■ ■ ■ ■ ■ ■ ■ ■ ■ ■ ■ ■ ■ ■ ■ ■ ■ ■ ■ ■ ■ ■ ■ ■ ■ ■ ■ ■ ■ ■ ■ ■ ■ ■ ■ ■ ■ ■ ■ ■ ■ ■ ■ ■ ■ ■ ■ ■ ■ ■ ■ ■ ■ ■ ■ ■ ■ ■ ■ ■ ■ ■ ■ ■ ■ ■ ■ ■ ■ ■ ■ ■ ■ ■ ■ ■ ■ ■ ■ ■ ■ ■ ■ ■ ■ ■ ■ ■ ■ ■ ■ ■
SPECIAL PURCHASE
■ ■ ■ ■ ■ ■ ■ ■ ■ ■ ■ ■ ■ ■ ■ ■ ■ ■ ■ ■ ■ ■ ■ ■ ■ ■ ■ ■ ■ ■ ■ ■ ■ ■ ■ ■ ■ ■ ■ ■ ■ ■ ■ ■ ■ ■ ■ ■ ■ ■ ■ ■ ■ ■ ■ ■ ■ ■ ■ ■ ■ ■ ■ ■ ■ ■ ■ ■ ■ ■ ■ ■ ■ ■ ■ ■ ■ ■ ■ ■ ■ ■ ■ ■ ■ ■ ■ ■ ■ ■ ■ ■ ■ ■ ■ ■ ■ ■ ■ ■ ■ ■ ■ ■ ■ ■ ■ ■ ■ ■ ■ ■ ■ ■ ■ ■ ■ ■ ■ ■ ■ ■ ■ ■ ■ ■ ■ ■ ■ ■ ■ ■ ■ ■ ■ ■ ■ ■ ■ ■ ■ ■ ■ ■ ■ ■ ■ ■ ■ ■ ■ ■ ■ ■ ■ ■ ■ ■ ■ ■ ■ ■ ■ ■ ■ ■ ■ ■ ■ ■ ■ ■ ■ ■ ■ ■ ■ ■ ■ ■ ■ ■ ■ ■ ■ ■ ■ ■ ■ ■ ■ ■ ■ ■ ■ ■ ■ ■ ■ ■ ■ ■ ■ ■ ■ ■ ■ ■ ■ ■ ■ ■ ■ ■ ■ ■ ■ ■ ■ ■ ■ ■ ■ ■ ■ ■ ■ ■ ■ ■ ■ ■ ■ ■ ■ ■ ■ ■ ■ ■ ■ ■ ■ ■ ■ ■ ■ ■ ■ ■ ■ ■ ■ ■ ■ ■ ■ ■ ■ ■ ■ ■ ■ ■ ■ ■ ■ ■ ■ ■
"ARCTIC" PURE SILK HOSE
■ ■ ■ ■ ■ ■ ■ ■ ■ ■ ■ ■ ■ ■ ■ ■ ■ ■ ■ ■ ■ ■ ■ ■ ■ ■ ■ ■ ■ ■ ■ ■ ■ ■ ■ ■ ■ ■ ■ ■ ■ ■ ■ ■ ■ ■ ■ ■ ■ ■ ■ ■ ■ ■ ■ ■ ■ ■ ■ ■ ■ ■ ■ ■ ■ ■ ■ ■ ■ ■ ■ ■ ■ ■ ■ ■ ■ ■ ■ ■ ■ ■ ■ ■ ■ ■ ■ ■ ■ ■ ■ ■ ■ ■ ■ ■ ■ ■ ■ ■ ■ ■ ■ ■ ■ ■ ■ ■ ■ ■ ■ ■ ■ ■ ■ ■ ■ ■ ■ ■ ■ ■ ■ ■ ■ ■ ■ ■ ■ ■ ■ ■ ■ ■ ■ ■ ■ ■ ■ ■ ■ ■ ■ ■ ■ ■ ■ ■ ■ ■
C. SMITH, LTD.
CUBA STREET, WELLINGTON
■ ■ ■ ■ ■ ■ ■ ■ ■ ■ ■ ■ ■ ■ ■ ■ ■ ■ ■ ■ ■ ■ ■ ■ ■ ■ ■ ■ ■ ■ ■ ■ ■ ■ ■ ■ ■ ■ ■ ■ ■ ■ ■ ■ ■ ■ ■ ■ ■ ■ ■ ■ ■ ■ ■ ■ ■ ■ ■ ■ ■ ■ ■ ■ ■ ■ ■ ■ ■ ■ ■ ■ ■ ■ ■ ■ ■ ■ ■ ■ ■ ■ ■ ■ ■ ■ ■ ■ ■ ■ ■ ■ ■ ■ ■ ■ ■ ■ ■ ■ ■ ■ ■ ■ ■ ■ ■ ■ ■ ■ ■ ■ ■ ■ ■ ■ ■ ■ ■ ■ ■ ■ ■ ■ ■ ■ ■ ■ ■ ■ ■ ■ ■ ■ ■ ■ ■ ■ ■ ■ ■ ■ ■ ■ ■ ■ ■ ■ ■ ■ ■ ■ ■ ■ ■ ■ ■ ■ ■ ■ ■ ■ ■ ■ ■ ■ ■ ■ ■ ■ ■ ■ ■ ■ ■ ■ ■ ■ ■ ■ ■ ■ ■ ■ ■ ■ ■ ■ ■ ■ ■ ■ ■ ■ ■ ■ ■ ■ ■ ■ ■ ■ ■ ■ ■ ■ ■ ■ ■ ■ ■ ■ ■ ■ ■ ■ ■ ■ ■ ■ ■ ■ ■ ■ ■ ■ ■ ■ ■ ■ ■ ■ ■ ■ ■ ■ ■ ■ ■ ■ ■ ■ ■ ■ ■ ■ ■ ■ ■ ■ ■ ■ ■ ■ ■ ■ ■ ■ ■ ■ ■ ■ ■ ■ ■ ■ ■ ■ ■ ■ ■ ■ ■ ■ ■ ■ ■ ■ ■ ■ ■ ■ ■ ■ ■ ■ ■ ■ ■ ■ ■ ■ ■ ■ ■ ■ ■ ■ ■ ■ ■ ■ ■ ■ ■ ■ ■ ■ ■ ■ ■ ■ ■ ■ ■ ■ ■ ■ ■ ■ ■ ■ ■ ■ ■ ■ ■ ■ ■ ■
WANTED TO SELL.
■ ■ ■ ■ ■ ■ ■ ■ ■ ■ ■ ■ ■ ■ ■ ■ ■ ■ ■ ■ ■ ■ ■ ■ ■ ■ ■ ■ ■ ■ ■ ■ ■ ■ ■ ■ ■ ■ ■ ■ ■ ■ ■ ■ ■ ■ ■ ■ ■ ■ ■ ■ ■ ■ ■ ■ ■ ■ ■ ■ ■ ■ ■ ■ ■ ■ ■ ■ ■ ■ ■ ■ ■ ■ ■ ■ ■ ■ ■ ■ ■ ■ ■ ■ ■ ■ ■ ■ ■ ■ ■ ■ ■ ■ ■ ■ ■ ■ ■ ■ ■ ■ ■ ■ ■ ■ ■ ■ ■ ■ ■ ■ ■ ■ ■ ■ ■ ■ ■ ■ ■ ■ ■ ■ ■ ■ ■ ■ ■ ■ ■ ■ ■ ■ ■ ■ ■ ■ ■ ■ ■ ■ ■ ■ ■ ■ ■ ■ ■ ■ ■ ■ ■ ■ ■ ■ ■ ■ ■ ■ ■ ■ ■ ■ ■ ■ ■ ■ ■ ■ ■ ■ ■ ■ ■ ■ ■ ■ ■ ■ ■ ■ ■ ■ ■ ■ ■ ■ ■ ■ ■ ■ ■ ■ ■ ■ ■ ■ ■ ■ ■ ■ ■ ■ ■ ■ ■ ■ ■ ■
WANTED TO BUY.
■ ■ ■ ■ ■ ■ ■ ■ ■ ■ ■ ■ ■ ■ ■ ■ ■ ■ ■ ■ ■ ■ ■ ■ ■ ■ ■ ■ ■ ■ ■ ■ ■ ■ ■ ■ ■ ■ ■ ■ ■ ■ ■ ■ ■ ■ ■ ■ ■ ■ ■ ■ ■ ■ ■ ■ ■ ■ ■ ■ ■ ■ ■ ■ ■ ■ ■ ■ ■ ■ ■ ■ ■ ■ ■ ■ ■ ■ ■ ■ ■ ■ ■ ■ ■ ■ ■ ■ ■ ■ ■ ■ ■ ■ ■ ■ ■ ■ ■ ■ ■ ■ ■ ■ ■ ■ ■ ■ ■ ■ ■ ■ ■ ■ ■ ■ ■ ■ ■ ■ ■ ■ ■ ■ ■ ■ ■ ■ ■ ■ ■ ■ ■ ■ ■ ■ ■ ■ ■ ■ ■ ■ ■ ■ ■ ■ ■ ■ ■ ■ ■ ■ ■ ■ ■ ■ ■ ■ ■ ■ ■ ■ ■ ■ ■ ■ ■ ■ ■ ■ ■ ■ ■ ■ ■ ■ ■ ■ ■ ■ ■ ■ ■ ■ ■ ■ ■ ■ ■ ■ ■ ■ ■ ■ ■ ■ ■ ■ ■ ■ ■ ■ ■ ■ ■ ■ ■ ■ ■ ■ ■ ■ ■ ■ ■ ■ ■ ■ ■ ■ ■ ■ ■ ■ ■ ■ ■ ■ ■ ■ ■ ■ ■ ■ ■ ■ ■ ■ ■ ■ ■ ■ ■ ■ ■ ■ ■ ■ ■ ■ ■ ■ ■ ■ ■ ■ ■ ■ ■ ■ ■ ■ ■ ■ ■ ■ ■ ■ ■ ■ ■ ■ ■ ■ ■ ■ ■ ■ ■ ■ ■ ■ ■ ■ ■ ■ ■ ■ ■ ■ ■ ■ ■ ■ ■ ■ ■ ■ ■ ■ ■ ■ ■ ■ ■ ■ ■ ■ ■ ■ ■ ■ ■ ■ ■ ■ ■ ■ ■ ■ ■ ■ ■ ■ ■ ■ ■ ■ ■ ■ ■ ■ ■ ■ ■ ■ ■ ■ ■ ■ ■ ■ ■ ■ ■ ■ ■ ■ ■ ■ ■ ■ ■ ■ ■ ■ ■ ■ ■ ■ ■ ■ ■ ■ ■ ■ ■ ■ ■ ■ ■ ■ ■ ■ ■ ■ ■ ■ ■ ■ ■ ■ ■ ■ ■ ■ ■ ■ ■ ■
SITUATIONS WANTED.
■ ■ ■ ■ ■ ■ ■ ■ ■ ■ ■ ■ ■ ■ ■ ■ ■ ■ ■ ■ ■ ■ ■ ■ ■ ■ ■ ■ ■ ■ ■ ■ ■ ■ ■ ■ ■ ■ ■ ■ ■ ■ ■ ■ ■ ■ ■ ■ ■ ■ ■ ■ ■ ■ ■ ■ ■ ■ ■ ■ ■ ■ ■ ■ ■ ■ ■ ■ ■ ■ ■ ■ ■ ■ ■ ■ ■ ■ ■ ■ ■ ■ ■ ■ ■ ■ ■ ■ ■ ■ ■ ■ ■ ■ ■ ■ ■ ■ ■ ■ ■ ■ ■ ■ ■ ■ ■ ■ ■ ■ ■ ■ ■ ■ ■ ■ ■ ■ ■ ■ ■ ■ ■ ■ ■ ■ ■ ■ ■ ■ ■ ■ ■ ■ ■ ■ ■ ■ ■ ■ ■ ■ ■ ■ ■ ■ ■ ■ ■ ■ ■ ■ ■ ■ ■ ■ ■ ■ ■ ■ ■ ■ ■ ■ ■ ■ ■ ■ ■ ■ ■ ■ ■ ■ ■ ■ ■ ■ ■ ■ ■ ■ ■ ■ ■ ■ ■ ■ ■ ■ ■ ■ ■ ■ ■ ■ ■ ■ ■ ■ ■ ■ ■ ■ ■ ■ ■ ■ ■ ■ ■ ■ ■ ■ ■ ■ ■ ■ ■ ■ ■ ■ ■ ■ ■ ■ ■ ■ ■ ■ ■ ■ ■ ■ ■ ■ ■ ■ ■ ■ ■ ■ ■ ■ ■ ■ ■ ■ ■ ■ ■ ■ ■ ■ ■ ■ ■ ■ ■ ■ ■ ■ ■ ■ ■ ■ ■ ■ ■ ■
MISCELLANEOUS.
■ ■ ■ ■ ■ ■ ■ ■ ■ ■ ■ ■ ■ ■ ■ ■ ■ ■ ■ ■ ■ ■ ■ ■ ■ ■ ■ ■ ■ ■ ■ ■ ■ ■ ■ ■ ■ ■ ■ ■ ■ ■ ■ ■ ■ ■ ■ ■ ■ ■ ■ ■ ■ ■ ■ ■ ■ ■ ■ ■ ■ ■ ■ ■ ■ ■ ■ ■ ■ ■ ■ ■ ■ ■ ■ ■ ■ ■ ■ ■ ■ ■ ■ ■ ■ ■ ■ ■ ■ ■ ■ ■ ■ ■ ■ ■ ■ ■ ■ ■ ■ ■ ■ ■ ■ ■ ■ ■ ■ ■ ■ ■ ■ ■ ■ ■ ■ ■ ■ ■ ■ ■ ■ ■ ■ ■ ■ ■ ■ ■ ■ ■ ■ ■ ■ ■ ■ ■ ■ ■ ■ ■ ■ ■ ■ ■ ■ ■ ■ ■
WHEN you are Painting, Staining or Engineering, try Using
■ ■ ■ ■ ■ ■ ■ ■ ■ ■ ■ ■ ■ ■ ■ ■ ■ ■ ■ ■ ■ ■ ■ ■ ■ ■ ■ ■ ■ ■ ■ ■ ■ ■ ■ ■ ■ ■ ■ ■ ■ ■ ■ ■ ■ ■ ■ ■ ■ ■ ■ ■ ■ ■ ■ ■ ■ ■ ■ ■ ■ ■ ■ ■ ■ ■ ■ ■ ■ ■ ■ ■ ■ ■ ■ ■ ■ ■ ■ ■ ■ ■ ■ ■ ■ ■ ■ ■ ■ ■ ■ ■ ■ ■ ■ ■ ■ ■ ■ ■ ■ ■ ■ ■ ■ ■ ■ ■ ■ ■ ■ ■ ■ ■ ■ ■ ■ ■ ■ ■ ■ ■ ■ ■ ■ ■ ■ ■ ■ ■ ■ ■ ■ ■ ■ ■ ■ ■ ■ ■ ■ ■ ■ ■ ■ ■ ■ ■ ■ ■ ■ ■ ■ ■ ■ ■ ■ ■ ■ ■ ■ ■ ■ ■ ■ ■ ■ ■ ■ ■ ■ ■ ■ ■ ■ ■ ■ ■ ■ ■ ■ ■ ■ ■ ■ ■ ■ ■ ■ ■ ■ ■ ■ ■ ■ ■ ■ ■ ■ ■ ■ ■ ■ ■ ■ ■ ■ ■ ■ ■ ■ ■ ■ ■ ■ ■ ■ ■ ■ ■ ■ ■ ■ ■ ■ ■ ■ ■ ■ ■ ■ ■ ■ ■ ■ ■ ■ ■ ■ ■ ■ ■ ■ ■ ■ ■ ■ ■ ■ ■ ■ ■ ■ ■ ■ ■ ■ ■ ■ ■ ■ ■ ■ ■ ■ ■ ■ ■ ■ ■ ■ ■ ■ ■ ■ ■ ■ ■ ■ ■ ■ ■ ■ ■ ■ ■ ■ ■ ■ ■ ■ ■ ■ ■ ■ ■ ■ ■ ■ ■ ■ ■ ■ ■ ■ ■ ■ ■ ■ ■ ■ ■ ■ ■ ■ ■ ■ ■ ■ ■ ■ ■ ■ ■ ■ ■ ■ ■ ■ ■ ■ ■ ■ ■ ■ ■ ■ ■ ■ ■ ■ ■ ■ ■ ■ ■ ■ ■ ■ ■ ■ ■ ■ ■ ■ ■ ■ ■ ■ ■ ■ ■ ■ ■ ■ ■ ■ ■ ■ ■ ■ ■ ■ ■ ■ ■ ■ ■ ■ ■ ■ ■ ■ ■ ■ ■ ■ ■ ■ ■
"EXCELSIOR"
■ ■ ■ ■ ■ ■ ■ ■ ■ ■ ■ ■ ■ ■ ■ ■ ■ ■ ■ ■ ■ ■ ■ ■ ■ ■ ■ ■ ■ ■ ■ ■ ■ ■ ■ ■ ■ ■ ■ ■ ■ ■ ■ ■ ■ ■ ■ ■ ■ ■ ■ ■ ■ ■ ■ ■ ■ ■ ■ ■ ■ ■ ■ ■ ■ ■ ■ ■ ■ ■ ■ ■ ■ ■ ■ ■ ■ ■ ■ ■ ■ ■ ■ ■ ■ ■ ■ ■ ■ ■ ■ ■ ■ ■ ■ ■ ■ ■ ■ ■ ■ ■ ■ ■ ■ ■ ■ ■ ■ ■ ■ ■ ■ ■ ■ ■ ■ ■ ■ ■ ■ ■ ■ ■ ■ ■ ■ ■ ■ ■ ■ ■ ■ ■ ■ ■ ■ ■ ■ ■ ■ ■ ■ ■ ■ ■ ■ ■ ■ ■ ■ ■ ■ ■ ■ ■ ■ ■ ■ ■ ■ ■ ■ ■ ■ ■ ■ ■ ■ ■ ■ ■ ■ ■ ■ ■ ■ ■ ■ ■ ■ ■ ■ ■ ■ ■ ■ ■ ■ ■ ■ ■ ■ ■ ■ ■ ■ ■ ■ ■ ■ ■ ■ ■ ■ ■ ■ ■ ■ ■ ■ ■ ■ ■ ■ ■ ■ ■ ■ ■ ■ ■ ■ ■ ■ ■ ■ ■ ■ ■ ■ ■ ■ ■ ■ ■ ■ ■ ■ ■ ■ ■ ■ ■ ■ ■ ■ ■ ■ ■ ■ ■ ■ ■ ■ ■ ■ ■ ■ ■ ■ ■ ■ ■ ■ ■ ■ ■ ■ ■
PAINTS, STAINS AND VARNISHES
■ ■ ■ ■ ■ ■ ■ ■ ■ ■ ■ ■ ■ ■ ■ ■ ■ ■ ■ ■ ■ ■ ■ ■ ■ ■ ■ ■ ■ ■ ■ ■ ■ ■ ■ ■ ■ ■ ■ ■ ■ ■ ■ ■ ■ ■ ■ ■ ■ ■ ■ ■ ■ ■ ■ ■ ■ ■ ■ ■ ■ ■ ■ ■ ■ ■ ■ ■ ■ ■ ■ ■ ■ ■ ■ ■ ■ ■ ■ ■ ■ ■ ■ ■ ■ ■ ■ ■ ■ ■ ■ ■ ■ ■ ■ ■ ■ ■ ■ ■ ■ ■ ■ ■ ■ ■ ■ ■ ■ ■ ■ ■ ■ ■ ■ ■ ■ ■ ■ ■ ■ ■ ■ ■ ■ ■ ■ ■ ■ ■ ■ ■ ■ ■ ■ ■ ■ ■ ■ ■ ■ ■ ■ ■ ■ ■ ■ ■ ■ ■
R. & E. TINGEY & CO., LTD.
MANNERS STREET, WELLINGTON
■ ■ ■ ■ ■ ■ ■ ■ ■ ■ ■ ■ ■ ■ ■ ■ ■ ■ ■ ■ ■ ■ ■ ■ ■ ■ ■ ■ ■ ■ ■ ■ ■ ■ ■ ■ ■ ■ ■ ■ ■ ■ ■ ■ ■ ■ ■ ■ ■ ■ ■ ■ ■ ■ ■ ■ ■ ■ ■ ■ ■ ■ ■ ■ ■ ■ ■ ■ ■ ■ ■ ■ ■ ■ ■ ■ ■ ■ ■ ■ ■ ■ ■ ■ ■ ■ ■ ■ ■ ■ ■ ■ ■ ■ ■ ■ ■ ■ ■ ■ ■ ■ ■ ■ ■ ■ ■ ■ ■ ■ ■ ■ ■ ■ ■ ■ ■ ■ ■ ■ ■ ■ ■ ■ ■ ■ ■ ■ ■ ■ ■ ■ ■ ■ ■ ■ ■ ■ ■ ■ ■ ■ ■ ■ ■ ■ ■ ■ ■ ■ ■ ■ ■ ■ ■ ■ ■ ■ ■ ■ ■ ■ ■ ■ ■ ■ ■ ■ ■ ■ ■ ■ ■ ■ ■ ■ ■ ■ ■ ■ ■ ■ ■ ■ ■ ■ ■ ■ ■ ■ ■ ■ ■ ■ ■ ■ ■ ■ ■ ■ ■ ■ ■ ■ ■ ■ ■ ■ ■ ■ ■ ■ ■ ■ ■ ■ ■ ■ ■ ■ ■ ■ ■ ■ ■ ■ ■ ■ ■ ■ ■ ■ ■ ■ ■ ■ ■ ■ ■ ■ ■ ■ ■ ■ ■ ■ ■ ■ ■ ■ ■ ■ ■ ■ ■ ■ ■ ■ ■ ■ ■ ■ ■ ■ ■ ■ ■ ■ ■ ■ ■ ■ ■ ■ ■ ■ ■ ■ ■ ■ ■ ■ ■ ■ ■ ■ ■ ■ ■ ■ ■ ■ ■ ■ ■ ■ ■ ■ ■ ■ ■ ■ ■ ■ ■ ■ ■ ■ ■ ■ ■ ■ ■ ■ ■ ■ ■ ■ ■ ■ ■ ■ ■ ■ ■ ■ ■ ■ ■ ■
SITUATIONS VACANT.
■ ■ ■ ■ ■ ■ ■ ■ ■ ■ ■ ■ ■ ■ ■ ■ ■ ■ ■ ■ ■ ■ ■ ■ ■ ■ ■ ■ ■ ■ ■ ■ ■ ■ ■ ■ ■ ■ ■ ■ ■ ■ ■ ■ ■ ■ ■ ■ ■ ■ ■ ■ ■ ■ ■ ■ ■ ■ ■ ■ ■ ■ ■ ■ ■ ■ ■ ■ ■ ■ ■ ■ ■ ■ ■ ■ ■ ■ ■ ■ ■ ■ ■ ■ ■ ■ ■ ■ ■ ■ ■ ■ ■ ■ ■ ■ ■ ■ ■ ■ ■ ■ ■ ■ ■ ■ ■ ■ ■ ■ ■ ■ ■ ■ ■ ■ ■ ■ ■ ■ ■ ■ ■ ■ ■ ■ ■ ■ ■ ■ ■ ■ ■ ■ ■ ■ ■ ■ ■ ■ ■ ■ ■ ■ ■ ■ ■ ■ ■ ■ ■ ■ ■ ■ ■ ■ ■ ■ ■ ■ ■ ■ ■ ■ ■ ■ ■ ■ ■ ■ ■ ■ ■ ■ ■ ■ ■ ■ ■ ■ ■ ■ ■ ■ ■ ■ ■ ■ ■ ■ ■ ■ ■ ■ ■ ■ ■ ■ ■ ■ ■ ■ ■ ■ ■ ■ ■ ■ ■ ■
PARTNERSHIPS, AGENCIES, ETC.
■ ■ ■ ■ ■ ■ ■ ■ ■ ■ ■ ■ ■ ■ ■ ■ ■ ■ ■ ■ ■ ■ ■ ■ ■ ■ ■ ■ ■ ■ ■ ■ ■ ■ ■ ■ ■ ■ ■ ■ ■ ■ ■ ■ ■ ■ ■ ■ ■ ■ ■ ■ ■ ■ ■ ■ ■ ■ ■ ■ ■ ■ ■ ■ ■ ■ ■ ■ ■ ■ ■ ■ ■ ■ ■ ■ ■ ■ ■ ■ ■ ■ ■ ■ ■ ■ ■ ■ ■ ■ ■ ■ ■ ■ ■ ■ ■ ■ ■ ■ ■ ■ ■ ■ ■ ■ ■ ■ ■ ■ ■ ■ ■ ■ ■ ■ ■ ■ ■ ■ ■ ■ ■ ■ ■ ■ ■ ■ ■ ■ ■ ■ ■ ■ ■ ■ ■ ■ ■ ■ ■ ■ ■ ■ ■ ■ ■ ■ ■ ■ ■ ■ ■ ■ ■ ■ ■ ■ ■ ■ ■ ■ ■ ■ ■ ■ ■ ■ ■ ■ ■ ■ ■ ■ ■ ■ ■ ■ ■ ■ ■ ■ ■ ■ ■ ■ ■ ■ ■ ■ ■ ■ ■ ■ ■ ■ ■ ■ ■ ■ ■ ■ ■ ■ ■ ■ ■ ■ ■ ■ ■ ■ ■ ■ ■ ■ ■ ■ ■ ■ ■ ■ ■ ■ ■ ■ ■ ■ ■ ■ ■ ■ ■ ■ ■ ■ ■ ■ ■ ■ ■ ■ ■ ■ ■ ■ ■ ■ ■ ■ ■ ■ ■ ■ ■ ■ ■ ■ ■ ■ ■ ■ ■ ■ ■ ■ ■ ■ ■ ■ ■ ■ ■ ■ ■ ■ ■ ■ ■ ■ ■ ■ ■ ■ ■ ■ ■ ■ ■ ■ ■ ■ ■ ■ ■ ■ ■ ■ ■ ■ ■ ■ ■ ■ ■ ■ ■ ■ ■ ■ ■ ■ ■ ■ ■ ■ ■ ■ ■ ■ ■ ■ ■ ■ ■ ■ ■ ■ ■ ■ ■ ■ ■ ■ ■ ■ ■ ■ ■ ■ ■ ■ ■ ■ ■ ■ ■ ■ ■ ■ ■ ■ ■ ■ ■ ■ ■ ■ ■ ■ ■ ■ ■ ■ ■ ■ ■ ■ ■ ■ ■ ■ ■ ■ ■ ■ ■ ■ ■ ■ ■ ■ ■ ■ ■ ■ ■ ■ ■ ■
MISCELLANEOUS WORK WANTED.
■ ■ ■ ■ ■ ■ ■ ■ ■ ■ ■ ■ ■ ■ ■ ■ ■ ■ ■ ■ ■ ■ ■ ■ ■ ■ ■ ■ ■ ■ ■ ■ ■ ■ ■ ■ ■ ■ ■ ■ ■ ■ ■ ■ ■ ■ ■ ■ ■ ■ ■ ■ ■ ■ ■ ■ ■ ■ ■ ■ ■ ■ ■ ■ ■ ■ ■ ■ ■ ■ ■ ■ ■ ■ ■ ■ ■ ■ ■ ■ ■ ■ ■ ■ ■ ■ ■ ■ ■ ■ ■ ■ ■ ■ ■ ■ ■ ■ ■ ■ ■ ■ ■ ■ ■ ■ ■ ■ ■ ■ ■ ■ ■ ■ ■ ■ ■ ■ ■ ■ ■ ■ ■ ■ ■ ■ ■ ■ ■ ■ ■ ■ ■ ■ ■ ■ ■ ■ ■ ■ ■ ■ ■ ■ ■ ■ ■ ■ ■ ■ ■ ■ ■ ■ ■ ■ ■ ■ ■ ■ ■ ■ ■ ■ ■ ■ ■ ■ ■ ■ ■ ■ ■ ■ ■ ■ ■ ■ ■ ■ ■ ■ ■ ■ ■ ■ ■ ■ ■ ■ ■ ■ ■ ■ ■ ■ ■ ■ ■ ■ ■ ■ ■ ■ ■ ■ ■ ■ ■ ■ ■ ■ ■ ■ ■ ■ ■ ■ ■ ■ ■ ■ ■ ■ ■ ■ ■ ■ ■ ■ ■ ■ ■ ■ ■ ■ ■ ■ ■ ■ ■ ■ ■ ■ ■ ■ ■ ■ ■ ■ ■ ■ ■ ■ ■ ■ ■ ■ ■ ■ ■ ■ ■ ■ ■ ■ ■ ■ ■ ■
MISCELLANEOUS
■ ■ ■ ■ ■ ■ ■ ■ ■ ■ ■ ■ ■ ■ ■ ■ ■ ■ ■ ■ ■ ■ ■ ■ ■ ■ ■ ■ ■ ■ ■ ■ ■ ■ ■ ■ ■ ■ ■ ■ ■ ■ ■ ■ ■ ■ ■ ■ ■ ■ ■ ■ ■ ■ ■ ■ ■ ■ ■ ■ ■ ■ ■ ■ ■ ■ ■ ■ ■ ■ ■ ■ ■ ■ ■ ■ ■ ■ ■ ■ ■ ■ ■ ■ ■ ■ ■ ■ ■ ■ ■ ■ ■ ■ ■ ■ ■ ■ ■ ■ ■ ■ ■ ■ ■ ■ ■ ■ ■ ■ ■ ■ ■ ■ ■ ■ ■ ■ ■ ■ ■ ■ ■ ■ ■ ■ ■ ■ ■ ■ ■ ■ ■ ■ ■ ■ ■ ■ ■ ■ ■ ■ ■ ■ ■ ■ ■ ■ ■ ■
